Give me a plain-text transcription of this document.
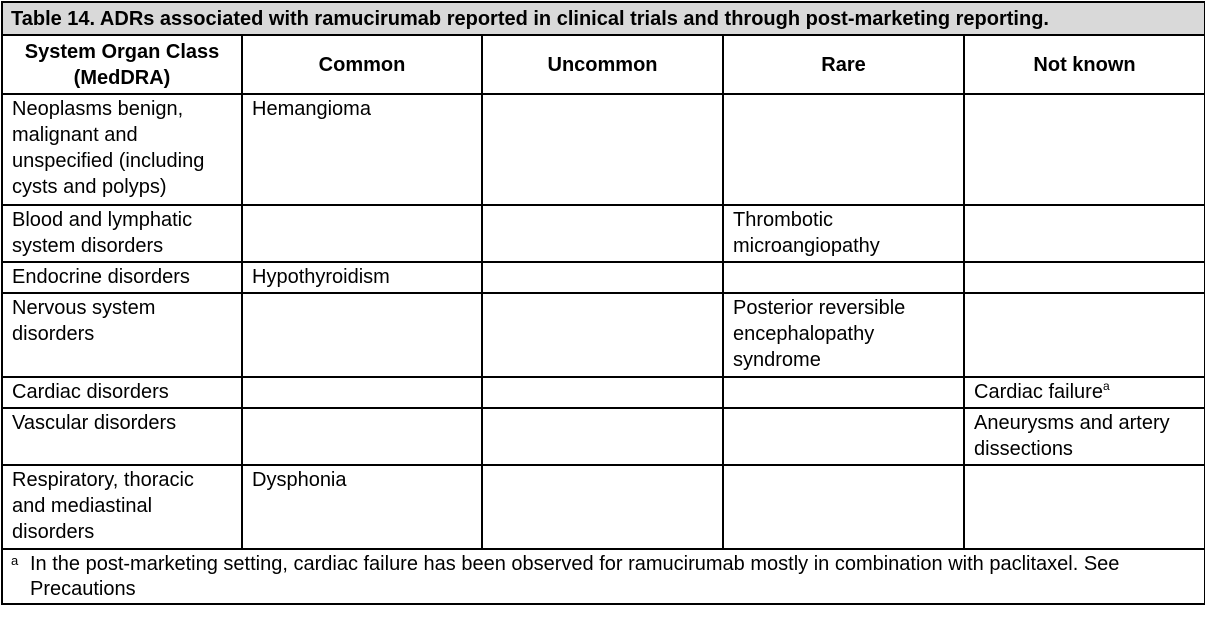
Table 14. ADRs associated with ramucirumab reported in clinical trials and through post-marketing reporting.				
System Organ Class (MedDRA)	Common	Uncommon	Rare	Not known
Neoplasms benign, malignant and unspecified (including cysts and polyps)	Hemangioma			
Blood and lymphatic system disorders			Thrombotic microangiopathy	
Endocrine disorders	Hypothyroidism			
Nervous system disorders			Posterior reversible encephalopathy syndrome	
Cardiac disorders				Cardiac failure$^a$
Vascular disorders				Aneurysms and artery dissections
Respiratory, thoracic and mediastinal disorders	Dysphonia			

a In the post-marketing setting, cardiac failure has been observed for ramucirumab mostly in combination with paclitaxel. See Precautions				
